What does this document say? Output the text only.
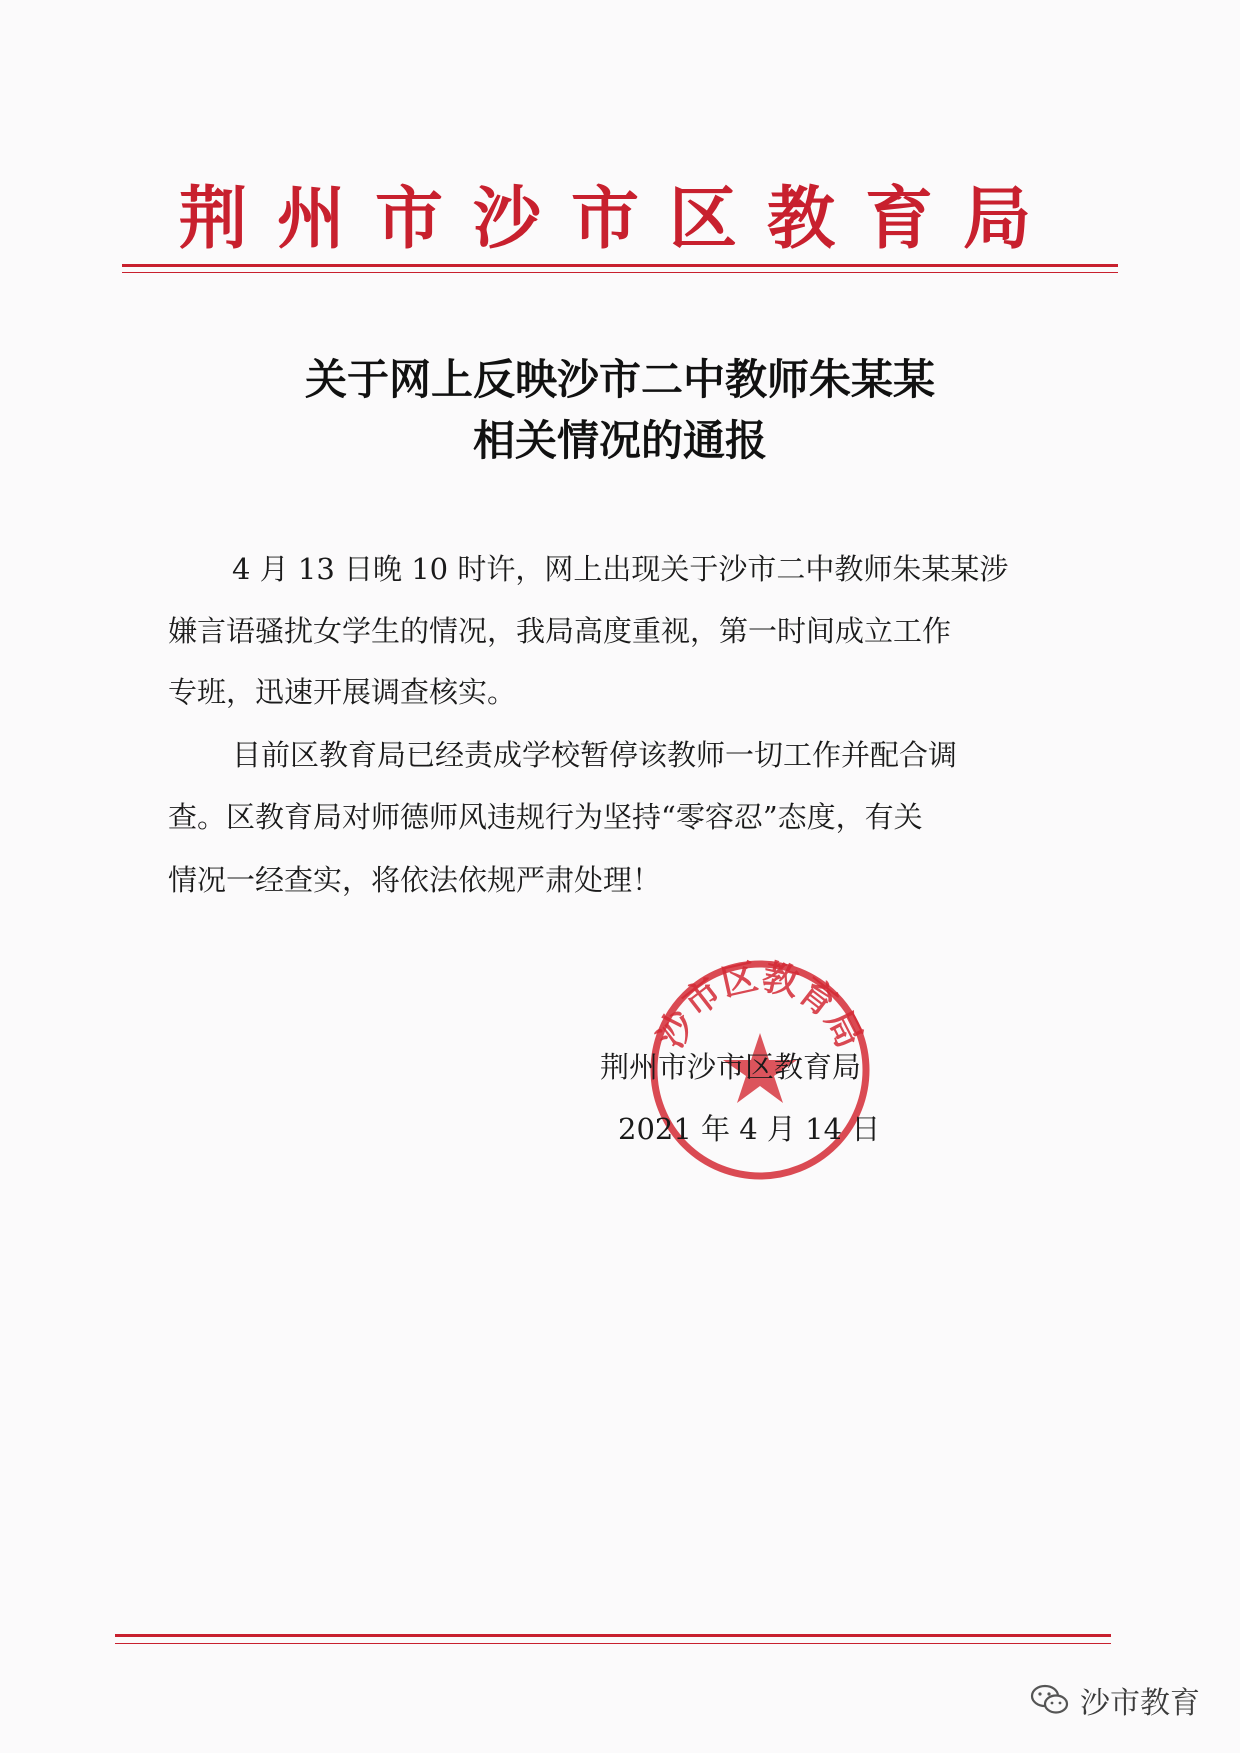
荆州市沙市区教育局
关于网上反映沙市二中教师朱某某
相关情况的通报
4 月 13 日晚 10 时许，网上出现关于沙市二中教师朱某某涉
嫌言语骚扰女学生的情况，我局高度重视，第一时间成立工作
专班，迅速开展调查核实。
目前区教育局已经责成学校暂停该教师一切工作并配合调
查。区教育局对师德师风违规行为坚持“零容忍”态度，有关
情况一经查实，将依法依规严肃处理！
沙市区教育局
荆州市沙市区教育局
2021 年 4 月 14 日
沙市教育
